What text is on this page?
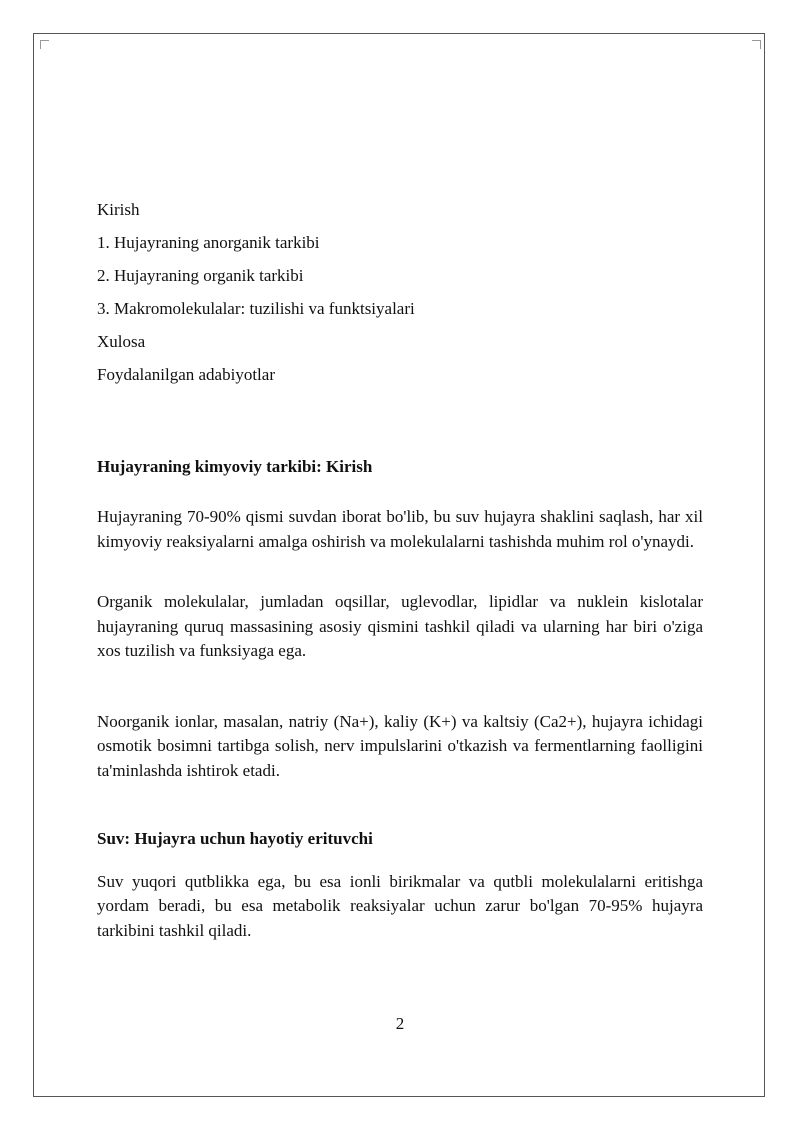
Kirish
1. Hujayraning anorganik tarkibi
2. Hujayraning organik tarkibi
3. Makromolekulalar: tuzilishi va funktsiyalari
Xulosa
Foydalanilgan adabiyotlar

Hujayraning kimyoviy tarkibi: Kirish

Hujayraning 70-90% qismi suvdan iborat bo'lib, bu suv hujayra shaklini saqlash, har xil kimyoviy reaksiyalarni amalga oshirish va molekulalarni tashishda muhim rol o'ynaydi.

Organik molekulalar, jumladan oqsillar, uglevodlar, lipidlar va nuklein kislotalar hujayraning quruq massasining asosiy qismini tashkil qiladi va ularning har biri o'ziga xos tuzilish va funksiyaga ega.

Noorganik ionlar, masalan, natriy (Na+), kaliy (K+) va kaltsiy (Ca2+), hujayra ichidagi osmotik bosimni tartibga solish, nerv impulslarini o'tkazish va fermentlarning faolligini ta'minlashda ishtirok etadi.

Suv: Hujayra uchun hayotiy erituvchi

Suv yuqori qutblikka ega, bu esa ionli birikmalar va qutbli molekulalarni eritishga yordam beradi, bu esa metabolik reaksiyalar uchun zarur bo'lgan 70-95% hujayra tarkibini tashkil qiladi.

2
